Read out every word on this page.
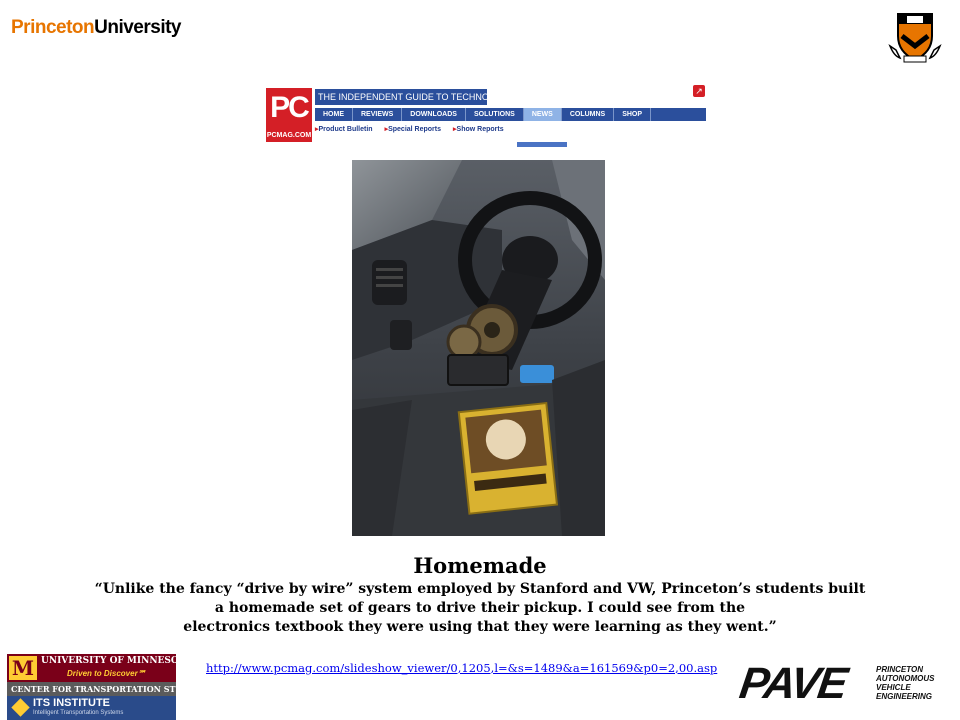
PrincetonUniversity
PC
PCMAG.COM
THE INDEPENDENT GUIDE TO TECHNOLOGY
↗
HOME	REVIEWS	DOWNLOADS	SOLUTIONS	NEWS	COLUMNS	SHOP
▸ Product Bulletin	▸ Special Reports	▸ Show Reports
Homemade
“Unlike the fancy “drive by wire” system employed by Stanford and VW, Princeton’s students built
a homemade set of gears to drive their pickup. I could see from the
electronics textbook they were using that they were learning as they went.”
M UNIVERSITY OF MINNESOTA
Driven to Discover℠
CENTER FOR TRANSPORTATION STUDIES
ITS INSTITUTE
Intelligent Transportation Systems
http://www.pcmag.com/slideshow_viewer/0,1205,l=&s=1489&a=161569&p0=2,00.asp PAVE	PRINCETON
AUTONOMOUS
VEHICLE
ENGINEERING
